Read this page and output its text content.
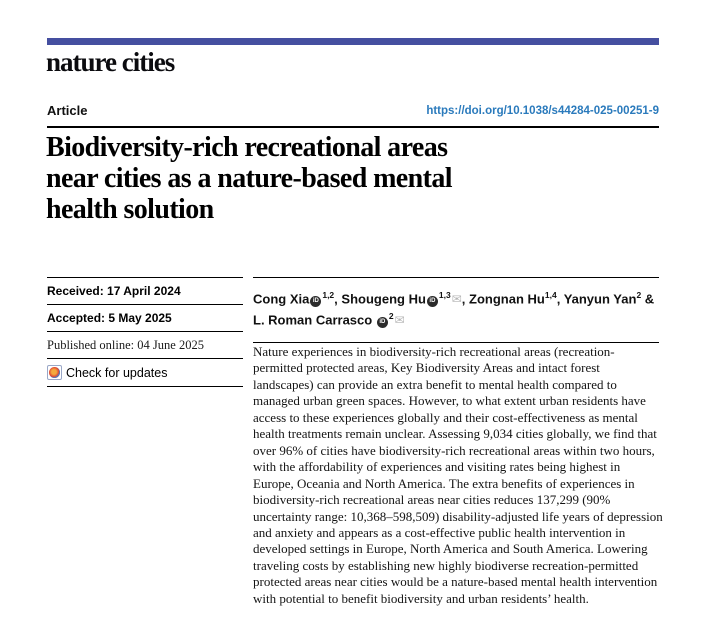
nature cities
Article	https://doi.org/10.1038/s44284-025-00251-9
Biodiversity-rich recreational areas
near cities as a nature-based mental
health solution
Received: 17 April 2024
Accepted: 5 May 2025
Published online: 04 June 2025
Check for updates
Cong Xia iD$^{1,2}$, Shougeng Hu iD$^{1,3}$✉, Zongnan Hu$^{1,4}$, Yanyun Yan$^2$ &
L. Roman Carrasco $iD^2✉$

Nature experiences in biodiversity-rich recreational areas (recreation-permitted protected areas, Key Biodiversity Areas and intact forest landscapes) can provide an extra benefit to mental health compared to managed urban green spaces. However, to what extent urban residents have access to these experiences globally and their cost-effectiveness as mental health treatments remain unclear. Assessing 9,034 cities globally, we find that over 96% of cities have biodiversity-rich recreational areas within two hours, with the affordability of experiences and visiting rates being highest in Europe, Oceania and North America. The extra benefits of experiences in biodiversity-rich recreational areas near cities reduces 137,299 (90% uncertainty range: 10,368–598,509) disability-adjusted life years of depression and anxiety and appears as a cost-effective public health intervention in developed settings in Europe, North America and South America. Lowering traveling costs by establishing new highly biodiverse recreation-permitted protected areas near cities would be a nature-based mental health intervention with potential to benefit biodiversity and urban residents’ health.
